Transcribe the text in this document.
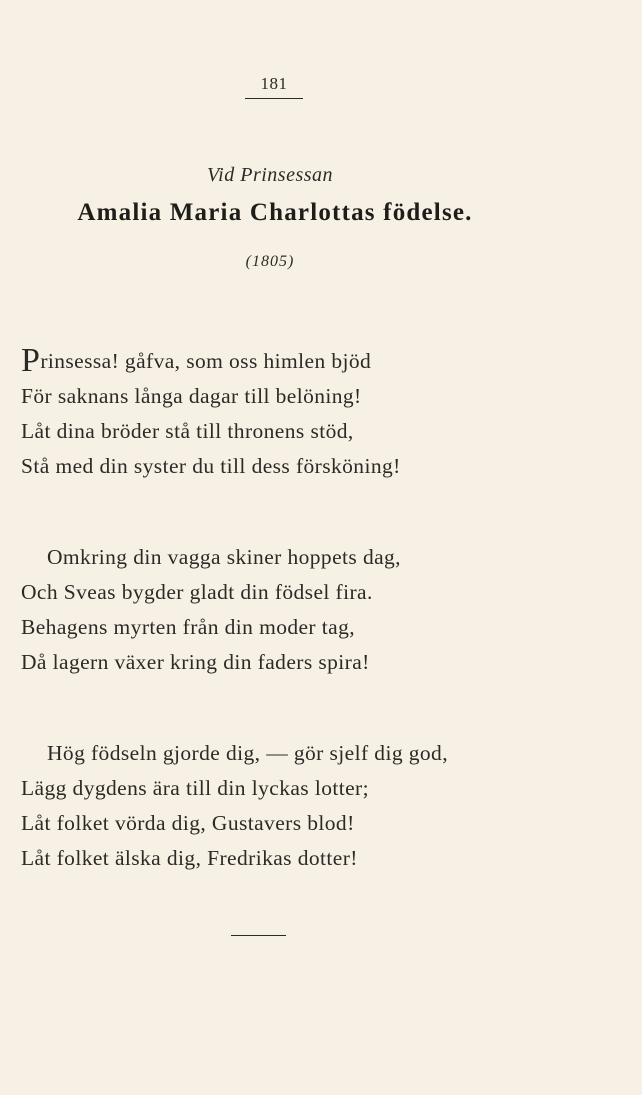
181
Vid Prinsessan
Amalia Maria Charlottas födelse.
(1805)
Prinsessa! gåfva, som oss himlen bjöd
För saknans långa dagar till belöning!
Låt dina bröder stå till thronens stöd,
Stå med din syster du till dess försköning!
Omkring din vagga skiner hoppets dag,
Och Sveas bygder gladt din födsel fira.
Behagens myrten från din moder tag,
Då lagern växer kring din faders spira!
Hög födseln gjorde dig, — gör sjelf dig god,
Lägg dygdens ära till din lyckas lotter;
Låt folket vörda dig, Gustavers blod!
Låt folket älska dig, Fredrikas dotter!
